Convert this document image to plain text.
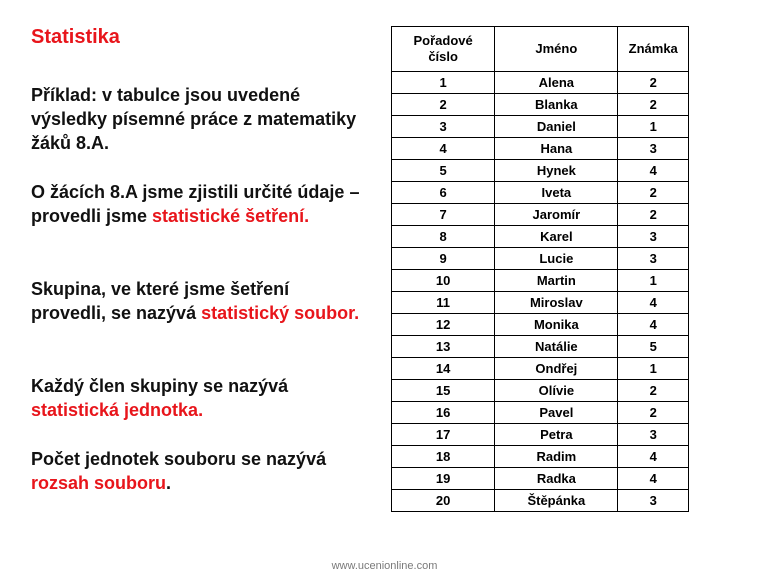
Statistika

Příklad: v tabulce jsou uvedené výsledky písemné práce z matematiky žáků 8.A.

O žácích 8.A jsme zjistili určité údaje – provedli jsme statistické šetření.

Skupina, ve které jsme šetření provedli, se nazývá statistický soubor.

Každý člen skupiny se nazývá statistická jednotka.

Počet jednotek souboru se nazývá rozsah souboru.

Pořadové číslo	Jméno	Známka
1	Alena	2
2	Blanka	2
3	Daniel	1
4	Hana	3
5	Hynek	4
6	Iveta	2
7	Jaromír	2
8	Karel	3
9	Lucie	3
10	Martin	1
11	Miroslav	4
12	Monika	4
13	Natálie	5
14	Ondřej	1
15	Olívie	2
16	Pavel	2
17	Petra	3
18	Radim	4
19	Radka	4
20	Štěpánka	3
www.ucenionline.com
